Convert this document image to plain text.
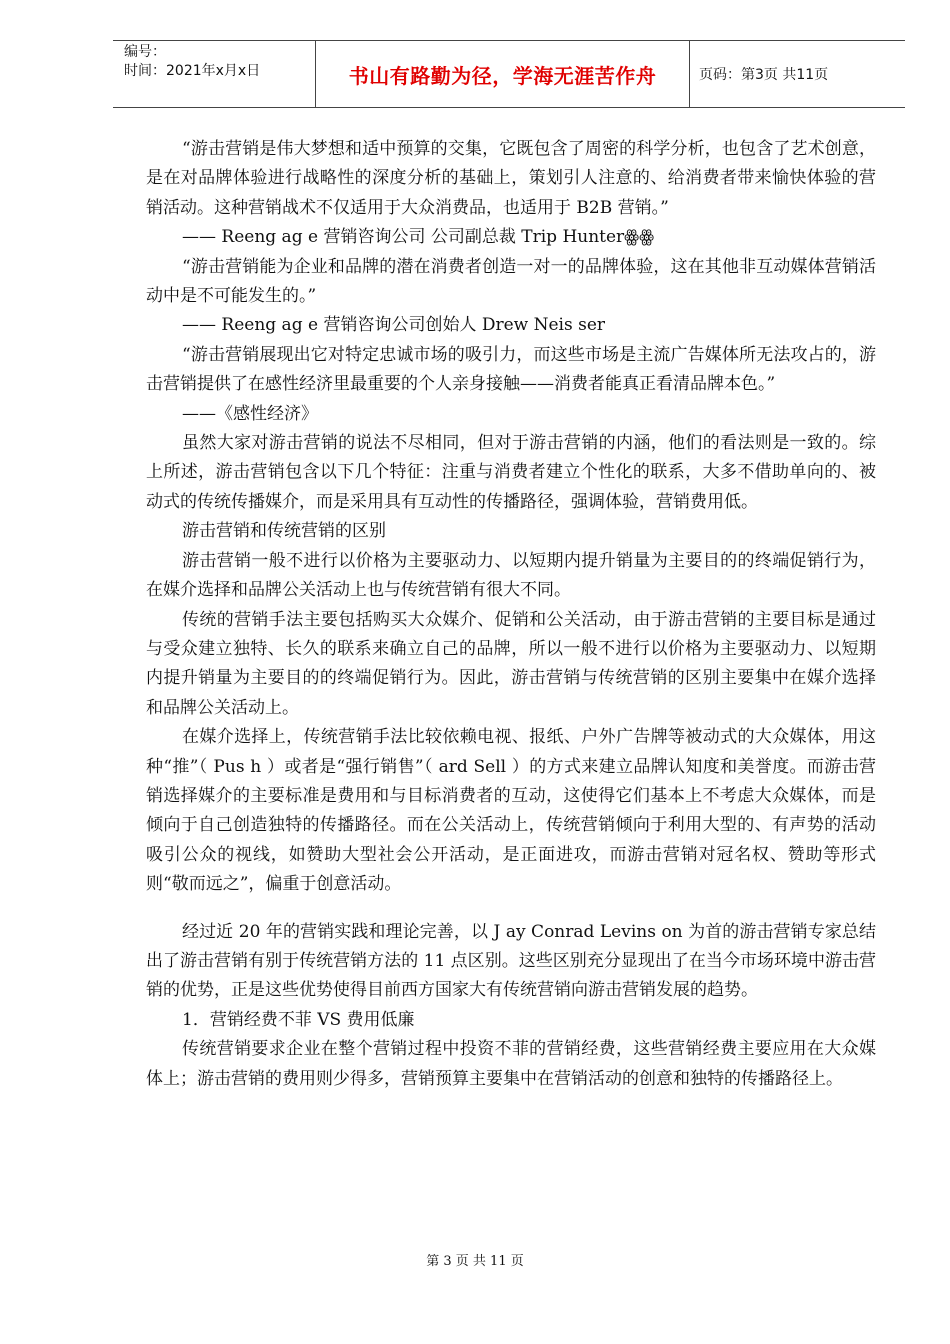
编号：
时间：2021年x月x日	书山有路勤为径，学海无涯苦作舟	页码：第3页 共11页

“游击营销是伟大梦想和适中预算的交集，它既包含了周密的科学分析，也包含了艺术创意，是在对品牌体验进行战略性的深度分析的基础上，策划引人注意的、给消费者带来愉快体验的营销活动。这种营销战术不仅适用于大众消费品，也适用于 B2B 营销。”

—— Reeng ag e 营销咨询公司 公司副总裁 Trip Hunterꙮꙮ

“游击营销能为企业和品牌的潜在消费者创造一对一的品牌体验，这在其他非互动媒体营销活动中是不可能发生的。”

—— Reeng ag e 营销咨询公司创始人 Drew Neis ser

“游击营销展现出它对特定忠诚市场的吸引力，而这些市场是主流广告媒体所无法攻占的，游击营销提供了在感性经济里最重要的个人亲身接触——消费者能真正看清品牌本色。”

——《感性经济》

虽然大家对游击营销的说法不尽相同，但对于游击营销的内涵，他们的看法则是一致的。综上所述，游击营销包含以下几个特征：注重与消费者建立个性化的联系，大多不借助单向的、被动式的传统传播媒介，而是采用具有互动性的传播路径，强调体验，营销费用低。

游击营销和传统营销的区别

游击营销一般不进行以价格为主要驱动力、以短期内提升销量为主要目的的终端促销行为，在媒介选择和品牌公关活动上也与传统营销有很大不同。

传统的营销手法主要包括购买大众媒介、促销和公关活动，由于游击营销的主要目标是通过与受众建立独特、长久的联系来确立自己的品牌，所以一般不进行以价格为主要驱动力、以短期内提升销量为主要目的的终端促销行为。因此，游击营销与传统营销的区别主要集中在媒介选择和品牌公关活动上。

在媒介选择上，传统营销手法比较依赖电视、报纸、户外广告牌等被动式的大众媒体，用这种“推”（ Pus h ）或者是“强行销售”（ ard Sell ）的方式来建立品牌认知度和美誉度。而游击营销选择媒介的主要标准是费用和与目标消费者的互动，这使得它们基本上不考虑大众媒体，而是倾向于自己创造独特的传播路径。而在公关活动上，传统营销倾向于利用大型的、有声势的活动吸引公众的视线，如赞助大型社会公开活动，是正面进攻，而游击营销对冠名权、赞助等形式则“敬而远之”，偏重于创意活动。

经过近 20 年的营销实践和理论完善，以 J ay Conrad Levins on 为首的游击营销专家总结出了游击营销有别于传统营销方法的 11 点区别。这些区别充分显现出了在当今市场环境中游击营销的优势，正是这些优势使得目前西方国家大有传统营销向游击营销发展的趋势。

1．营销经费不菲 VS 费用低廉

传统营销要求企业在整个营销过程中投资不菲的营销经费，这些营销经费主要应用在大众媒体上；游击营销的费用则少得多，营销预算主要集中在营销活动的创意和独特的传播路径上。

第 3 页 共 11 页
